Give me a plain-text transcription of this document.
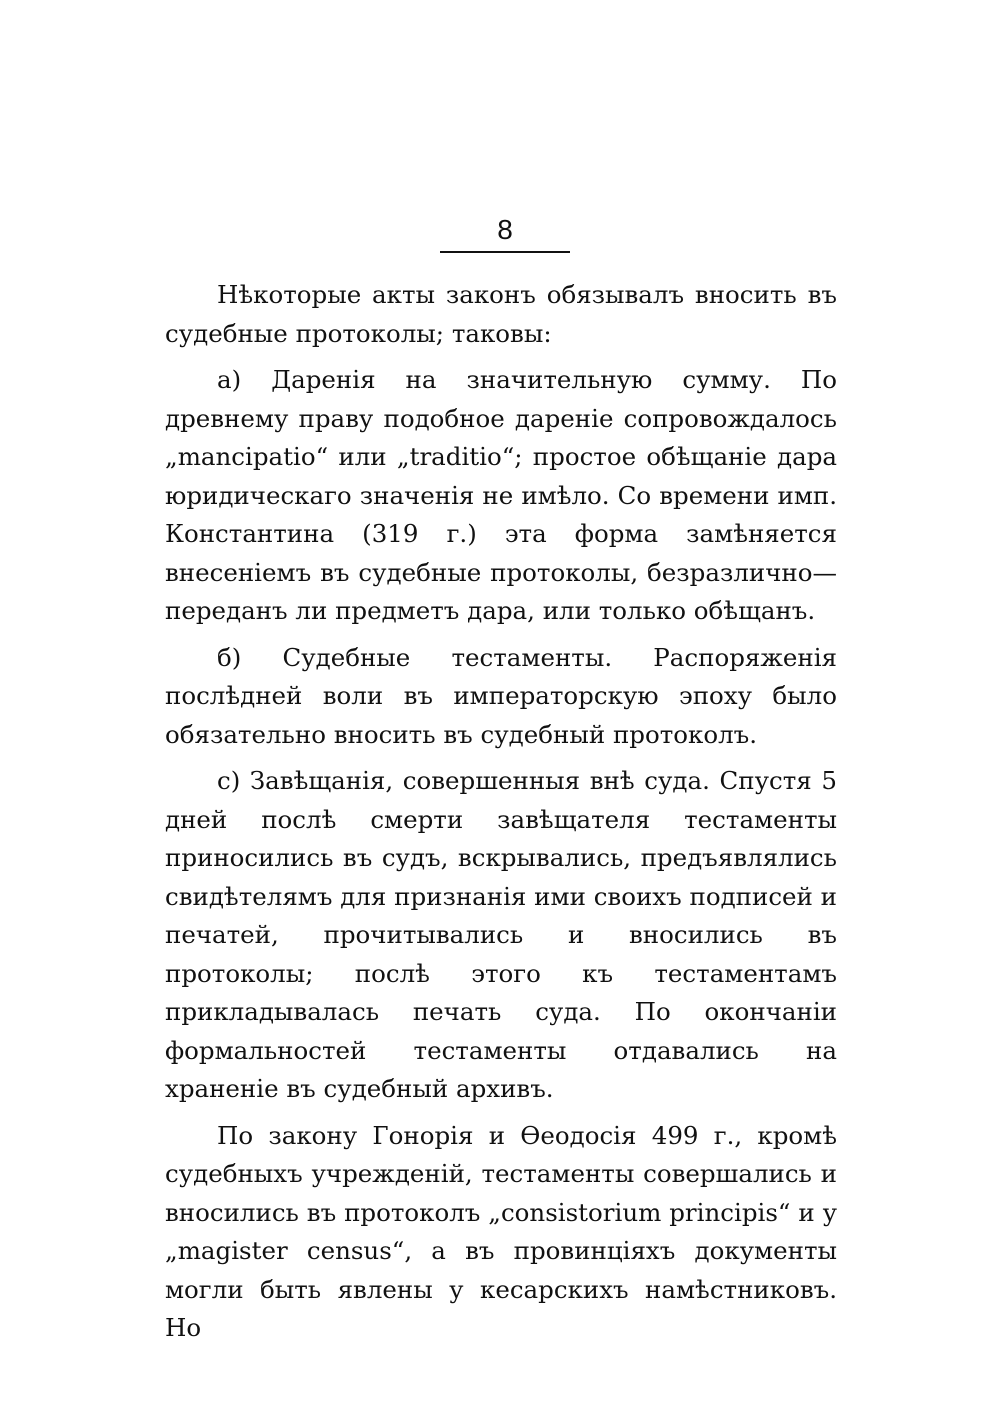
8

Нѣкоторые акты законъ обязывалъ вносить въ судебные протоколы; таковы:

а) Даренія на значительную сумму. По древнему праву подобное дареніе сопровождалось „mancipatio“ или „traditio“; простое обѣщаніе дара юридическаго значенія не имѣло. Со времени имп. Константина (319 г.) эта форма замѣняется внесеніемъ въ судебные протоколы, безразлично—переданъ ли предметъ дара, или только обѣщанъ.

б) Судебные тестаменты. Распоряженія послѣдней воли въ императорскую эпоху было обязательно вносить въ судебный протоколъ.

с) Завѣщанія, совершенныя внѣ суда. Спустя 5 дней послѣ смерти завѣщателя тестаменты приносились въ судъ, вскрывались, предъявлялись свидѣтелямъ для признанія ими своихъ подписей и печатей, прочитывались и вносились въ протоколы; послѣ этого къ тестаментамъ прикладывалась печать суда. По окончаніи формальностей тестаменты отдавались на храненіе въ судебный архивъ.

По закону Гонорія и Ѳеодосія 499 г., кромѣ судебныхъ учрежденій, тестаменты совершались и вносились въ протоколъ „consistorium principis“ и у „magister census“, а въ провинціяхъ документы могли быть явлены у кесарскихъ намѣстниковъ. Но
